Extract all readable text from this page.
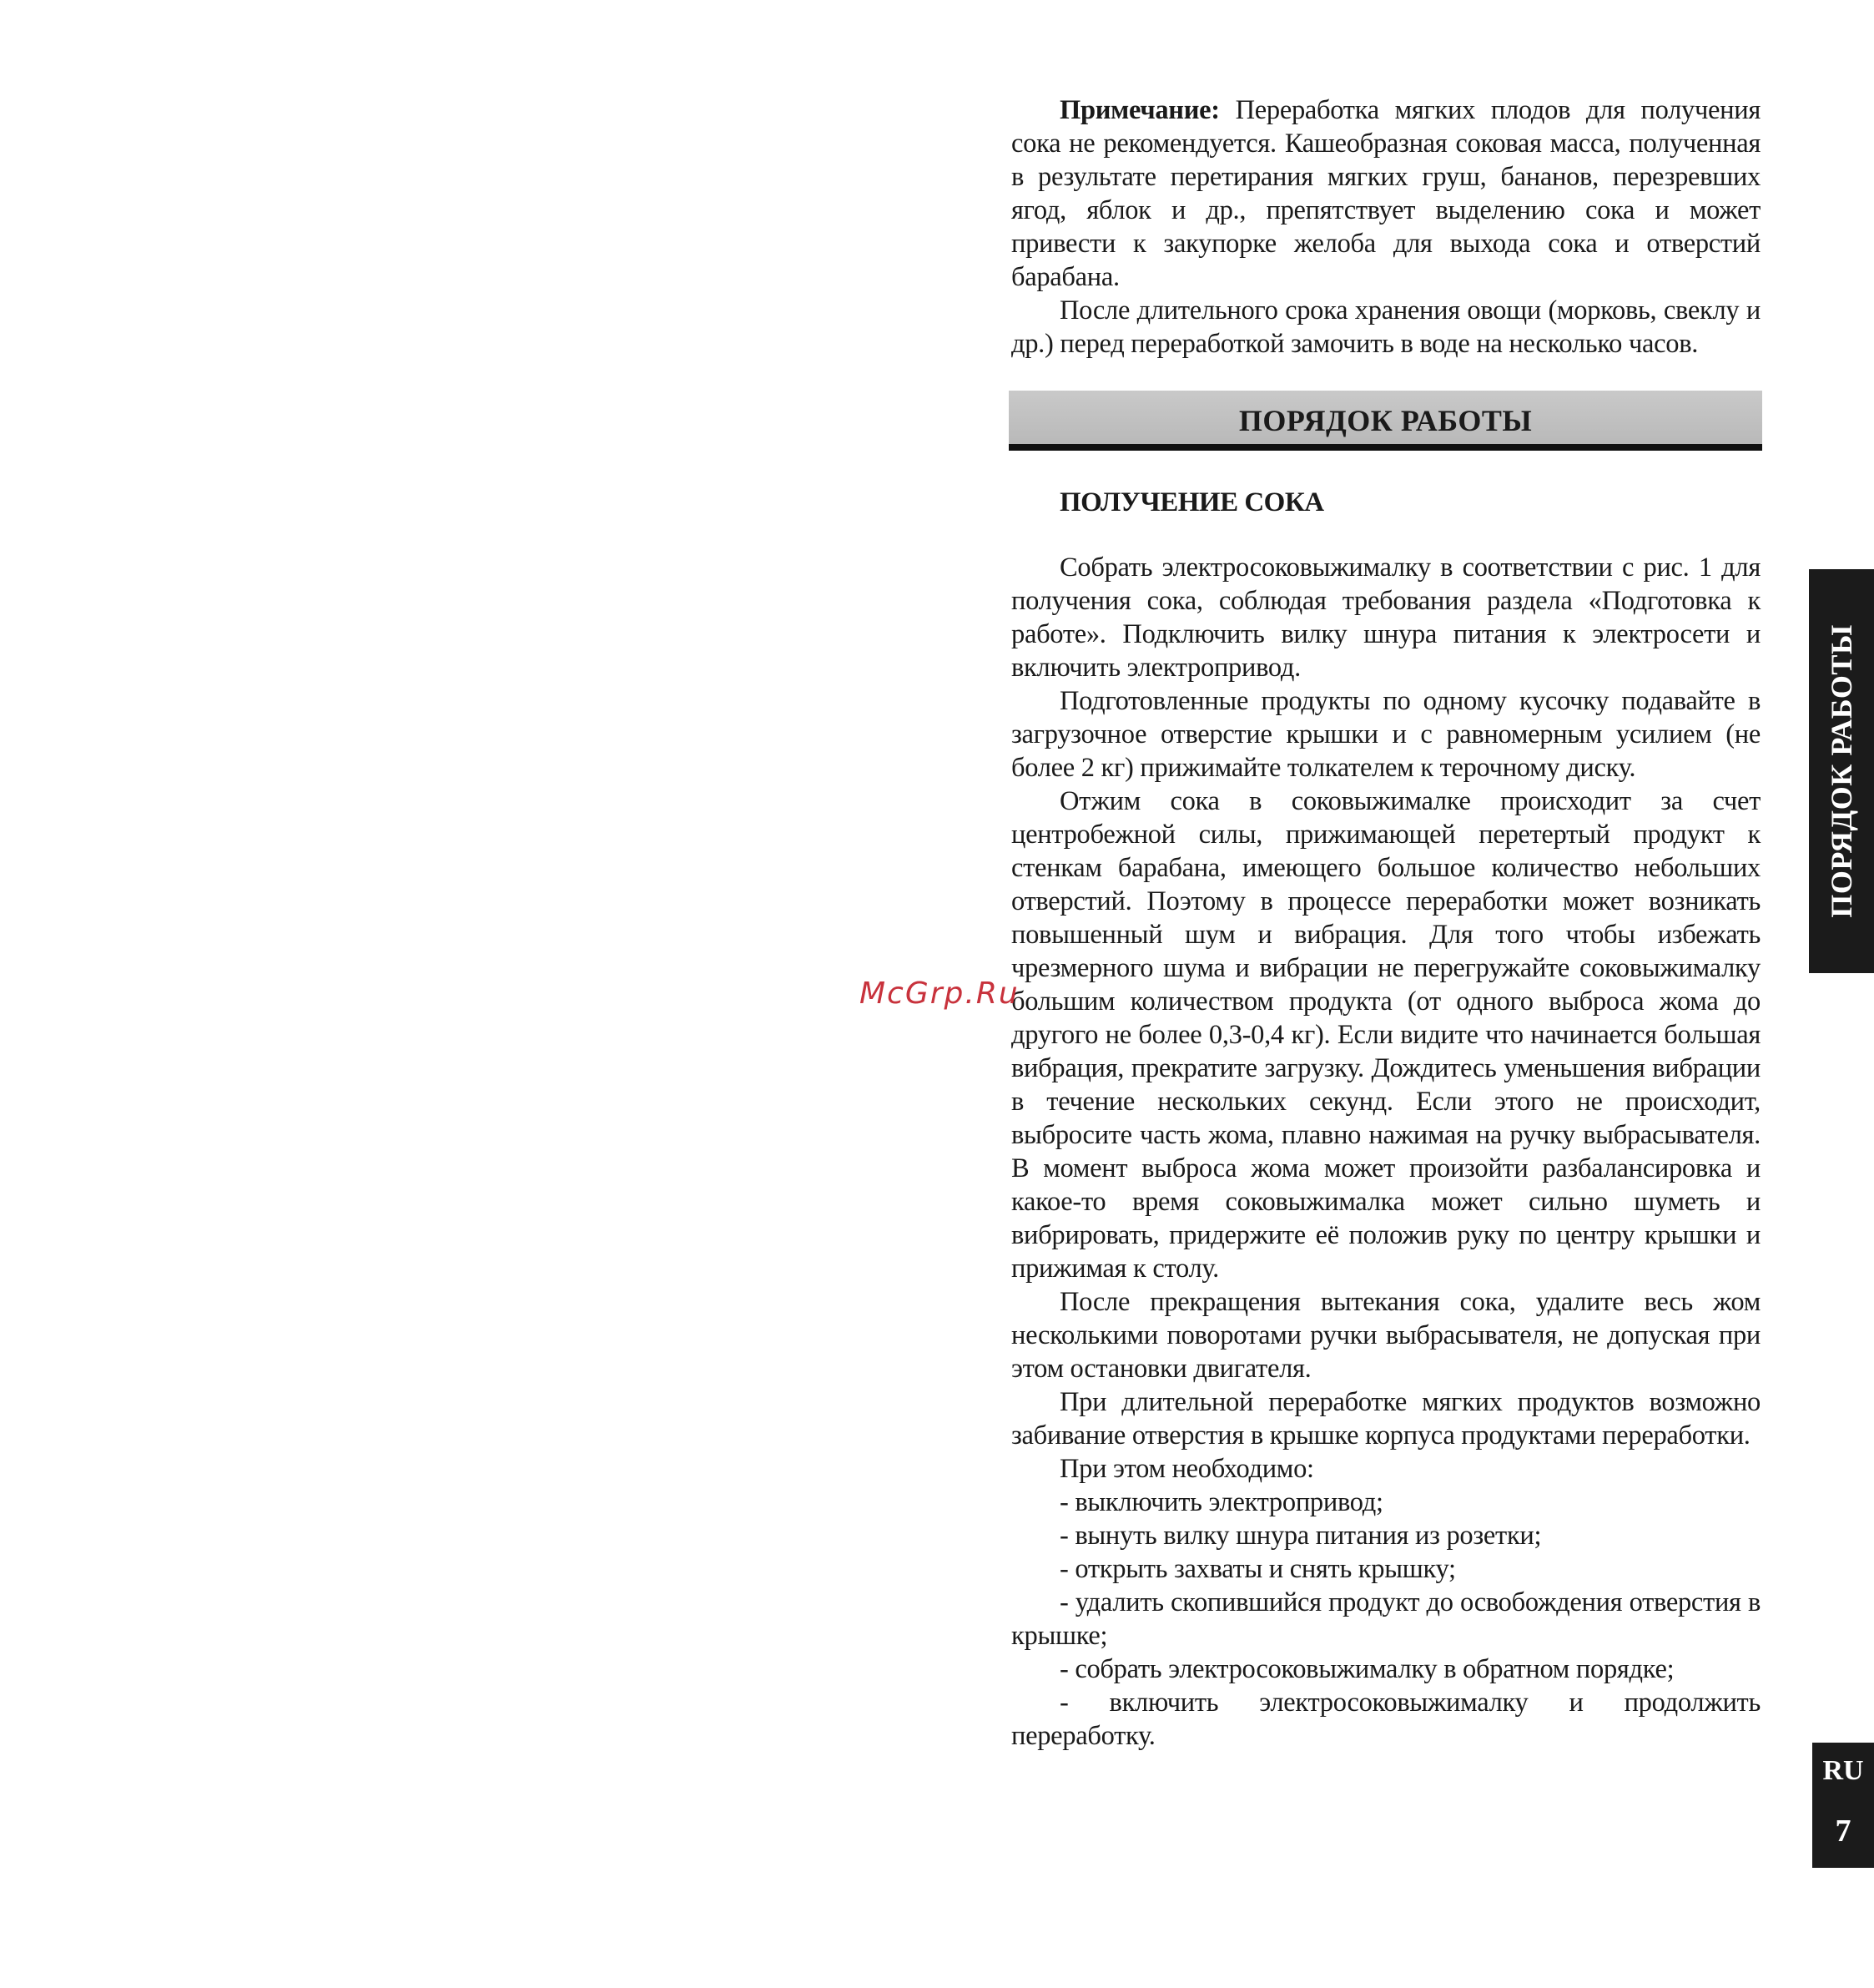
Примечание: Переработка мягких плодов для получения сока не рекомендуется. Кашеобразная соковая масса, полученная в результате перетирания мягких груш, бананов, перезревших ягод, яблок и др., препятствует выделению сока и может привести к закупорке желоба для выхода сока и отверстий барабана.

После длительного срока хранения овощи (морковь, свеклу и др.) перед переработкой замочить в воде на несколько часов.

ПОРЯДОК РАБОТЫ
ПОЛУЧЕНИЕ СОКА

Собрать электросоковыжималку в соответствии с рис. 1 для получения сока, соблюдая требования раздела «Подготовка к работе». Подключить вилку шнура питания к электросети и включить электропривод.

Подготовленные продукты по одному кусочку подавайте в загрузочное отверстие крышки и с равномерным усилием (не более 2 кг) прижимайте толкателем к терочному диску.

Отжим сока в соковыжималке происходит за счет центробежной силы, прижимающей перетертый продукт к стенкам барабана, имеющего большое количество небольших отверстий. Поэтому в процессе переработки может возникать повышенный шум и вибрация. Для того чтобы избежать чрезмерного шума и вибрации не перегружайте соковыжималку большим количеством продукта (от одного выброса жома до другого не более 0,3-0,4 кг). Если видите что начинается большая вибрация, прекратите загрузку. Дождитесь уменьшения вибрации в течение нескольких секунд. Если этого не происходит, выбросите часть жома, плавно нажимая на ручку выбрасывателя. В момент выброса жома может произойти разбалансировка и какое-то время соковыжималка может сильно шуметь и вибрировать, придержите её положив руку по центру крышки и прижимая к столу.

После прекращения вытекания сока, удалите весь жом несколькими поворотами ручки выбрасывателя, не допуская при этом остановки двигателя.

При длительной переработке мягких продуктов возможно забивание отверстия в крышке корпуса продуктами переработки.

При этом необходимо:

- выключить электропривод;

- вынуть вилку шнура питания из розетки;

- открыть захваты и снять крышку;

- удалить скопившийся продукт до освобождения отверстия в крышке;

- собрать электросоковыжималку в обратном порядке;

- включить электросоковыжималку и продолжить переработку.

ПОРЯДОК РАБОТЫ
RU
7
McGrp.Ru
